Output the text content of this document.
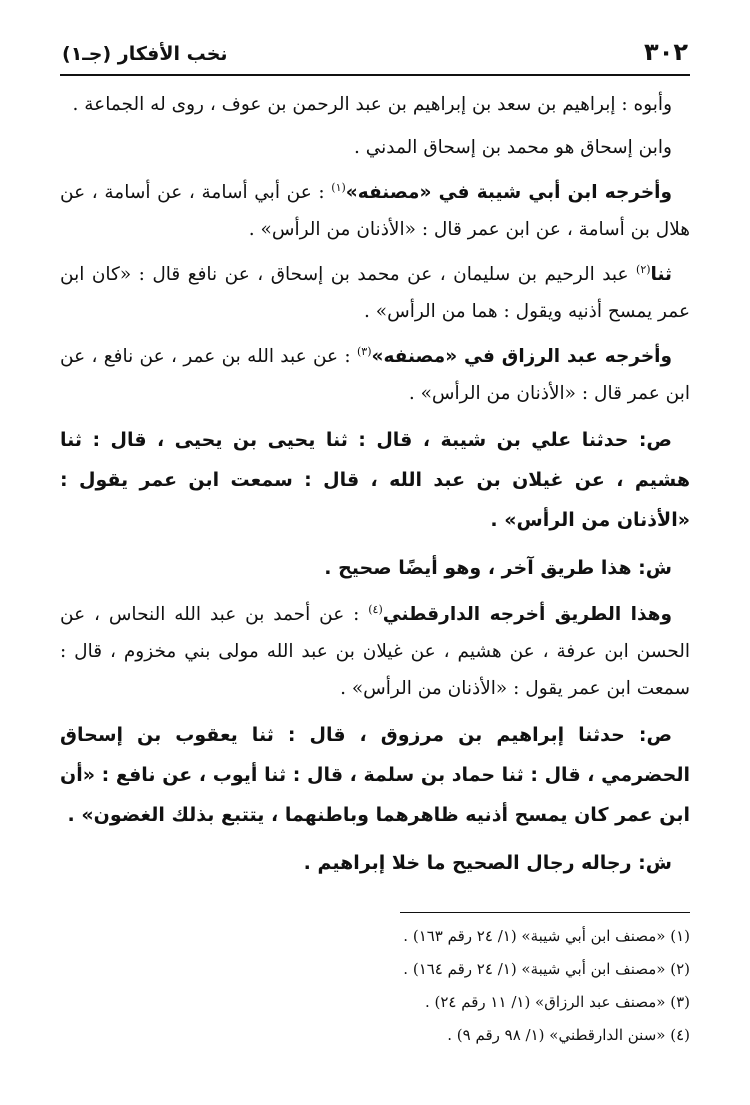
٣٠٢
نخب الأفكار (جـ١)

وأبوه : إبراهيم بن سعد بن إبراهيم بن عبد الرحمن بن عوف ، روى له الجماعة .

وابن إسحاق هو محمد بن إسحاق المدني .

وأخرجه ابن أبي شيبة في «مصنفه»$^{(١)}$ : عن أبي أسامة ، عن أسامة ، عن هلال بن أسامة ، عن ابن عمر قال : «الأذنان من الرأس» .

ثنا$^{(٢)}$ عبد الرحيم بن سليمان ، عن محمد بن إسحاق ، عن نافع قال : «كان ابن عمر يمسح أذنيه ويقول : هما من الرأس» .

وأخرجه عبد الرزاق في «مصنفه»$^{(٣)}$ : عن عبد الله بن عمر ، عن نافع ، عن ابن عمر قال : «الأذنان من الرأس» .

ص: حدثنا علي بن شيبة ، قال : ثنا يحيى بن يحيى ، قال : ثنا هشيم ، عن غيلان بن عبد الله ، قال : سمعت ابن عمر يقول : «الأذنان من الرأس» .

ش: هذا طريق آخر ، وهو أيضًا صحيح .

وهذا الطريق أخرجه الدارقطني$^{(٤)}$ : عن أحمد بن عبد الله النحاس ، عن الحسن ابن عرفة ، عن هشيم ، عن غيلان بن عبد الله مولى بني مخزوم ، قال : سمعت ابن عمر يقول : «الأذنان من الرأس» .

ص: حدثنا إبراهيم بن مرزوق ، قال : ثنا يعقوب بن إسحاق الحضرمي ، قال : ثنا حماد بن سلمة ، قال : ثنا أيوب ، عن نافع : «أن ابن عمر كان يمسح أذنيه ظاهرهما وباطنهما ، يتتبع بذلك الغضون» .

ش: رجاله رجال الصحيح ما خلا إبراهيم .

(١) «مصنف ابن أبي شيبة» (١/ ٢٤ رقم ١٦٣) .

(٢) «مصنف ابن أبي شيبة» (١/ ٢٤ رقم ١٦٤) .

(٣) «مصنف عبد الرزاق» (١/ ١١ رقم ٢٤) .

(٤) «سنن الدارقطني» (١/ ٩٨ رقم ٩) .
